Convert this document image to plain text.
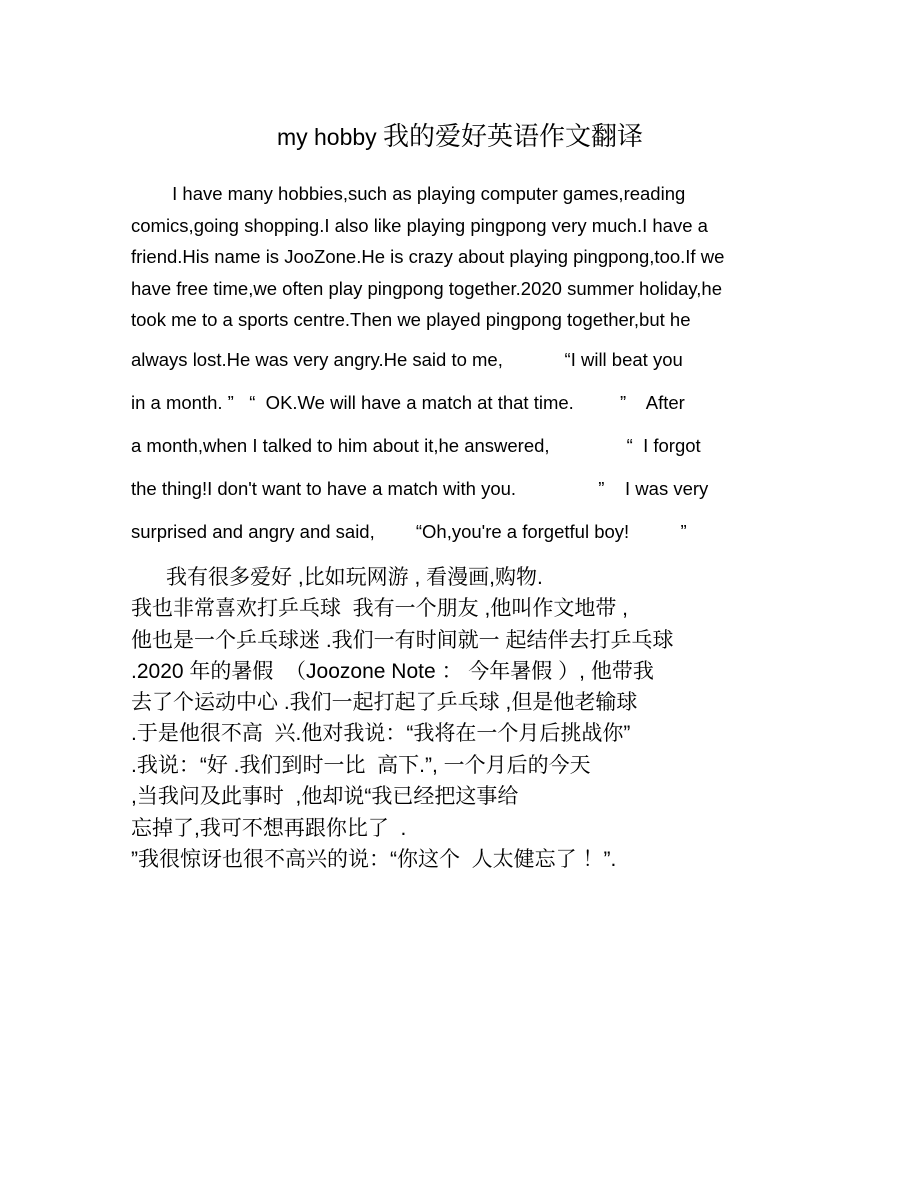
my hobby 我的爱好英语作文翻译
I have many hobbies,such as playing computer games,reading
comics,going shopping.I also like playing pingpong very much.I have a
friend.His name is JooZone.He is crazy about playing pingpong,too.If we
have free time,we often play pingpong together.2020 summer holiday,he
took me to a sports centre.Then we played pingpong together,but he
always lost.He was very angry.He said to me,            “I will beat you
in a month. ”   “  OK.We will have a match at that time.         ”    After
a month,when I talked to him about it,he answered,               “  I forgot
the thing!I don't want to have a match with you.                ”    I was very
surprised and angry and said,        “Oh,you're a forgetful boy!          ”
我有很多爱好 ,比如玩网游 , 看漫画,购物.
我也非常喜欢打乒乓球  我有一个朋友 ,他叫作文地带 ,
他也是一个乒乓球迷 .我们一有时间就一 起结伴去打乒乓球
.2020 年的暑假  （Joozone Note ： 今年暑假 ）, 他带我
去了个运动中心 .我们一起打起了乒乓球 ,但是他老输球
.于是他很不高  兴.他对我说：“我将在一个月后挑战你”
.我说：“好 .我们到时一比  高下.”, 一个月后的今天
,当我问及此事时  ,他却说“我已经把这事给
忘掉了,我可不想再跟你比了  .
”我很惊讶也很不高兴的说：“你这个  人太健忘了 ！”.
